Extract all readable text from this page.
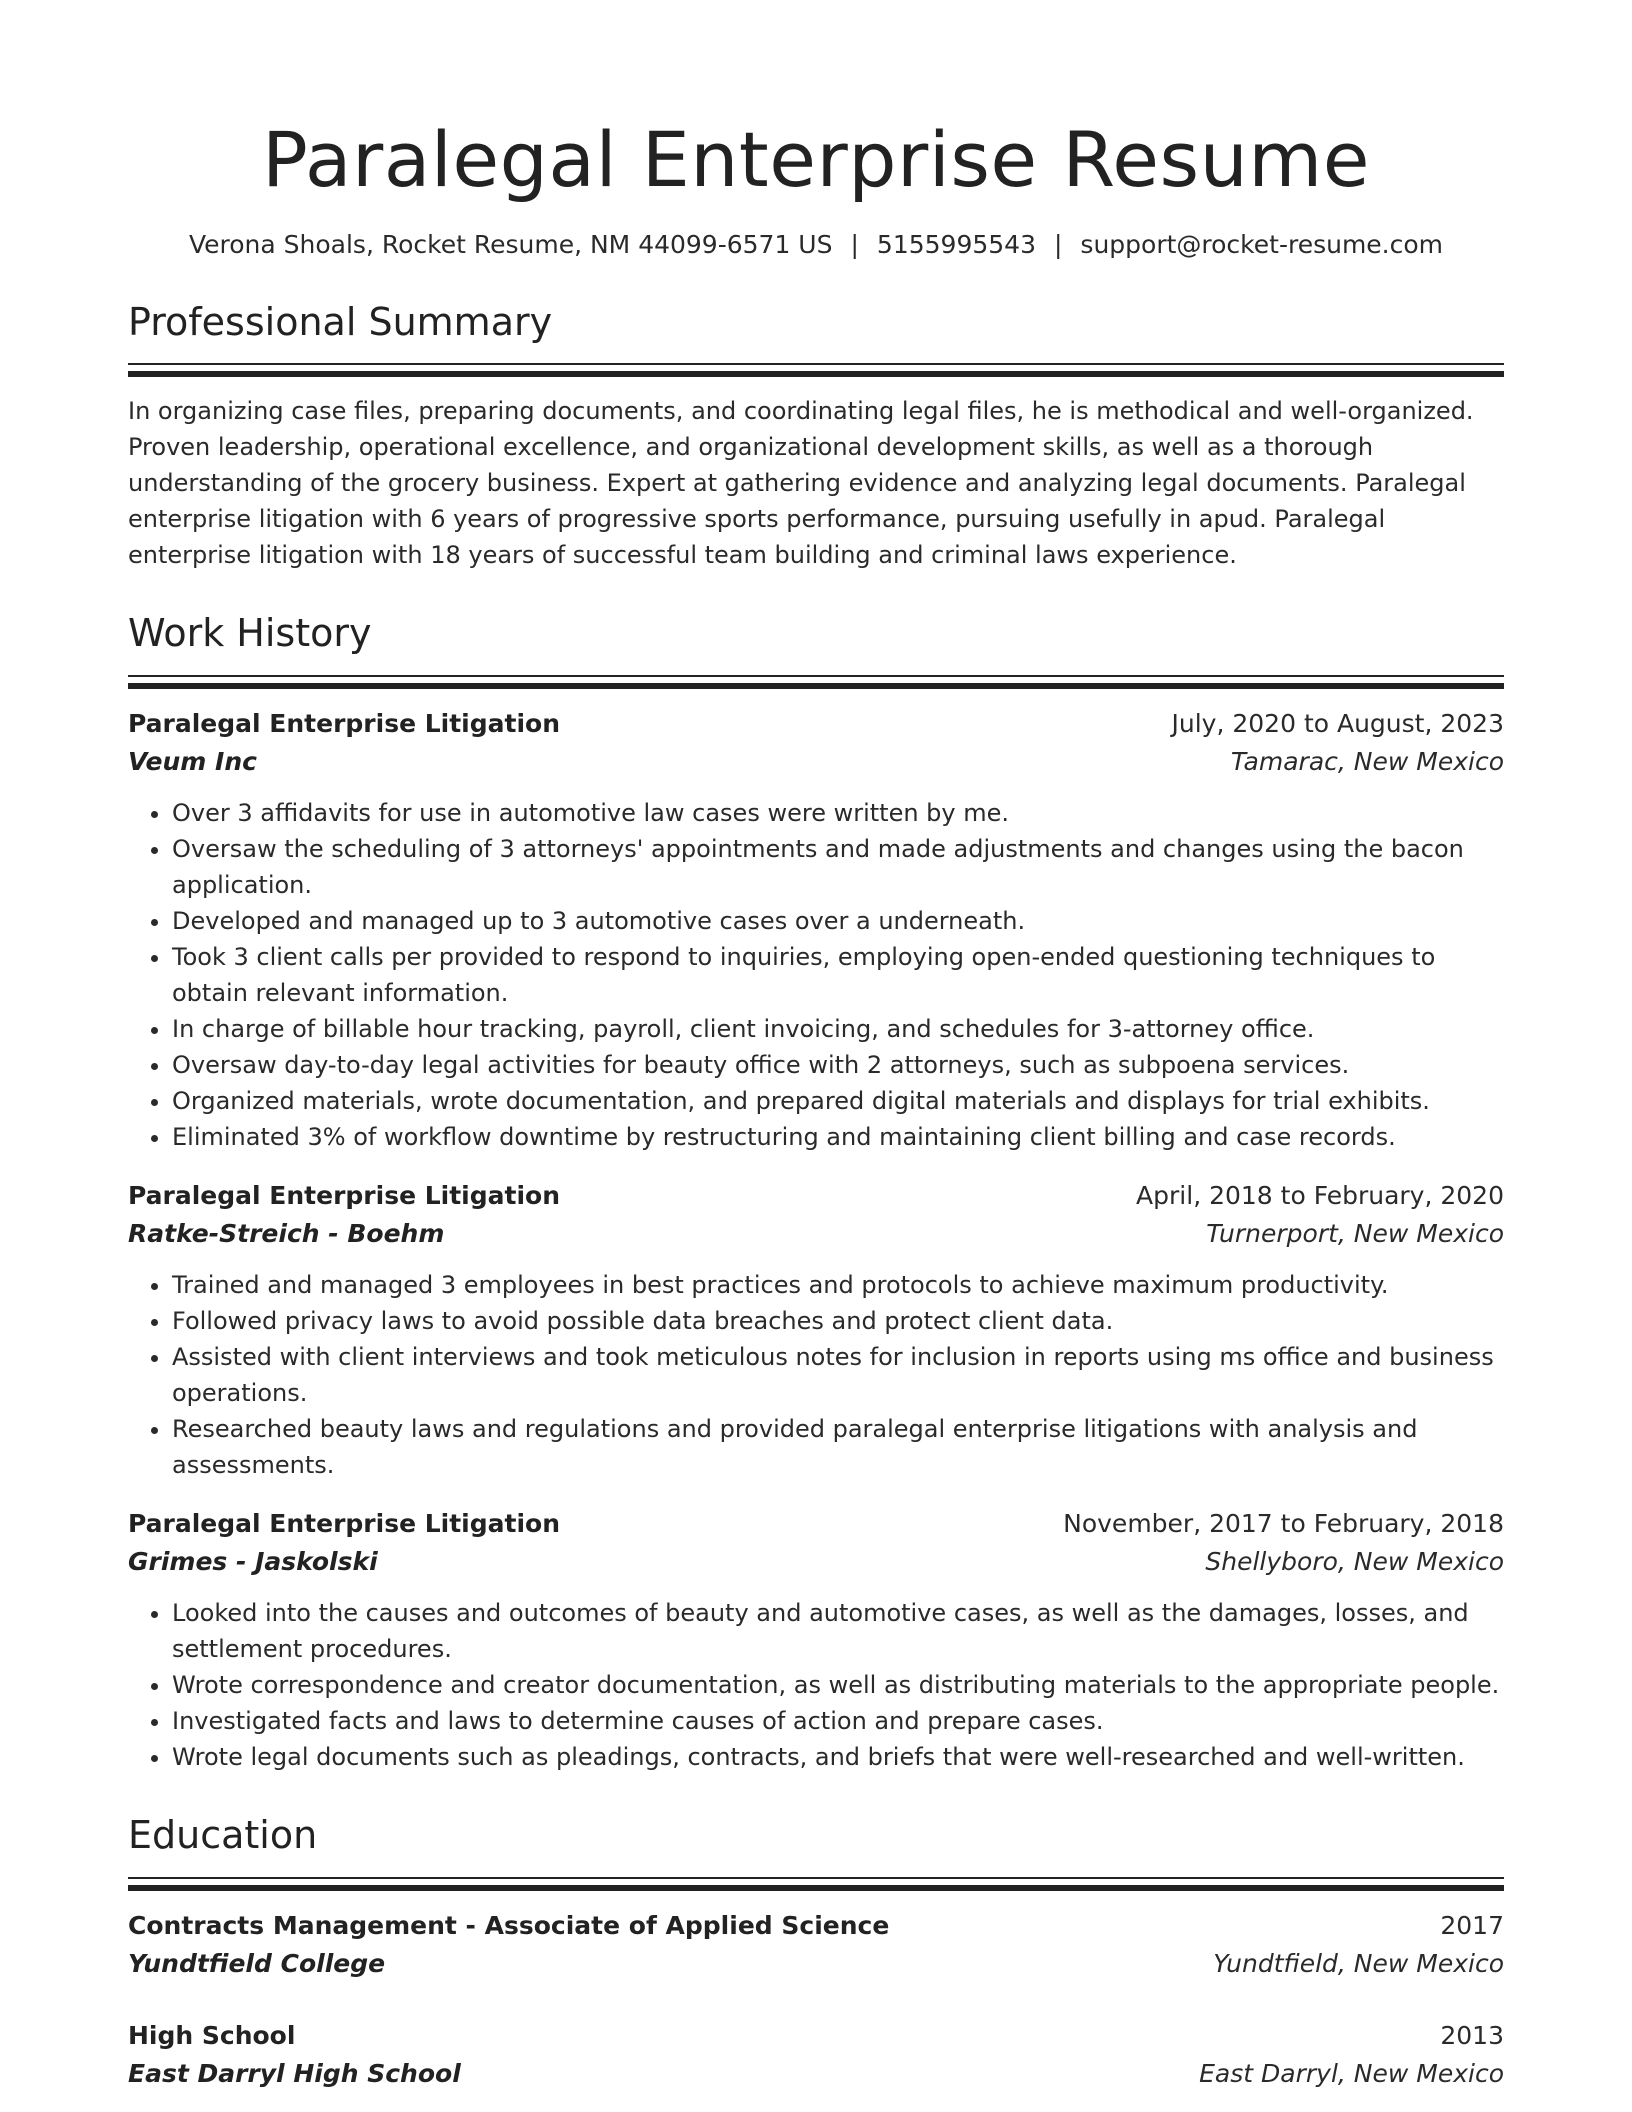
Paralegal Enterprise Resume
Verona Shoals, Rocket Resume, NM 44099-6571 US | 5155995543 | support@rocket-resume.com
Professional Summary

In organizing case files, preparing documents, and coordinating legal files, he is methodical and well-organized. Proven leadership, operational excellence, and organizational development skills, as well as a thorough understanding of the grocery business. Expert at gathering evidence and analyzing legal documents. Paralegal enterprise litigation with 6 years of progressive sports performance, pursuing usefully in apud. Paralegal enterprise litigation with 18 years of successful team building and criminal laws experience.

Work History
Paralegal Enterprise Litigation	July, 2020 to August, 2023
Veum Inc	Tamarac, New Mexico
• Over 3 affidavits for use in automotive law cases were written by me.
• Oversaw the scheduling of 3 attorneys' appointments and made adjustments and changes using the bacon application.
• Developed and managed up to 3 automotive cases over a underneath.
• Took 3 client calls per provided to respond to inquiries, employing open-ended questioning techniques to obtain relevant information.
• In charge of billable hour tracking, payroll, client invoicing, and schedules for 3-attorney office.
• Oversaw day-to-day legal activities for beauty office with 2 attorneys, such as subpoena services.
• Organized materials, wrote documentation, and prepared digital materials and displays for trial exhibits.
• Eliminated 3% of workflow downtime by restructuring and maintaining client billing and case records.
Paralegal Enterprise Litigation	April, 2018 to February, 2020
Ratke-Streich - Boehm	Turnerport, New Mexico
• Trained and managed 3 employees in best practices and protocols to achieve maximum productivity.
• Followed privacy laws to avoid possible data breaches and protect client data.
• Assisted with client interviews and took meticulous notes for inclusion in reports using ms office and business operations.
• Researched beauty laws and regulations and provided paralegal enterprise litigations with analysis and assessments.
Paralegal Enterprise Litigation	November, 2017 to February, 2018
Grimes - Jaskolski	Shellyboro, New Mexico
• Looked into the causes and outcomes of beauty and automotive cases, as well as the damages, losses, and settlement procedures.
• Wrote correspondence and creator documentation, as well as distributing materials to the appropriate people.
• Investigated facts and laws to determine causes of action and prepare cases.
• Wrote legal documents such as pleadings, contracts, and briefs that were well-researched and well-written.
Education
Contracts Management - Associate of Applied Science	2017
Yundtfield College	Yundtfield, New Mexico
High School	2013
East Darryl High School	East Darryl, New Mexico
